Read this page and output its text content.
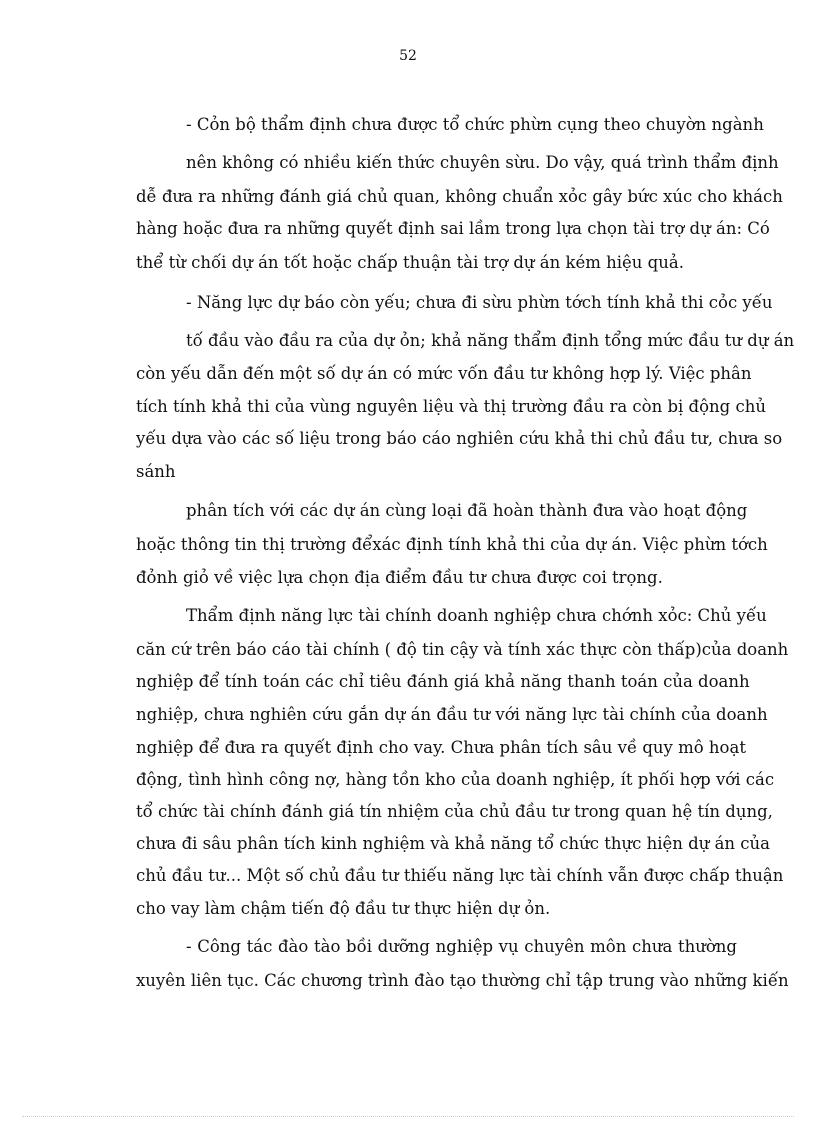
52
- Cỏn bộ thẩm định chưa được tổ chức phừn cụng theo chuyờn ngành
nên không có nhiều kiến thức chuyên sừu. Do vậy, quá trình thẩm định
dễ đưa ra những đánh giá chủ quan, không chuẩn xỏc gây bức xúc cho khách
hàng hoặc đưa ra những quyết định sai lầm trong lựa chọn tài trợ dự án: Có
thể từ chối dự án tốt hoặc chấp thuận tài trợ dự án kém hiệu quả.
- Năng lực dự báo còn yếu; chưa đi sừu phừn tớch tính khả thi cỏc yếu
tố đầu vào đầu ra của dự ỏn; khả năng thẩm định tổng mức đầu tư dự án
còn yếu dẫn đến một số dự án có mức vốn đầu tư không hợp lý. Việc phân
tích tính khả thi của vùng nguyên liệu và thị trường đầu ra còn bị động chủ
yếu dựa vào các số liệu trong báo cáo nghiên cứu khả thi chủ đầu tư, chưa so
sánh
phân tích với các dự án cùng loại đã hoàn thành đưa vào hoạt động
hoặc thông tin thị trường đểxác định tính khả thi của dự án. Việc phừn tớch
đỏnh giỏ về việc lựa chọn địa điểm đầu tư chưa được coi trọng.
Thẩm định năng lực tài chính doanh nghiệp chưa chớnh xỏc: Chủ yếu
căn cứ trên báo cáo tài chính ( độ tin cậy và tính xác thực còn thấp)của doanh
nghiệp để tính toán các chỉ tiêu đánh giá khả năng thanh toán của doanh
nghiệp, chưa nghiên cứu gắn dự án đầu tư với năng lực tài chính của doanh
nghiệp để đưa ra quyết định cho vay. Chưa phân tích sâu về quy mô hoạt
động, tình hình công nợ, hàng tồn kho của doanh nghiệp, ít phối hợp với các
tổ chức tài chính đánh giá tín nhiệm của chủ đầu tư trong quan hệ tín dụng,
chưa đi sâu phân tích kinh nghiệm và khả năng tổ chức thực hiện dự án của
chủ đầu tư... Một số chủ đầu tư thiếu năng lực tài chính vẫn được chấp thuận
cho vay làm chậm tiến độ đầu tư thực hiện dự ỏn.
- Công tác đào tào bồi dưỡng nghiệp vụ chuyên môn chưa thường
xuyên liên tục. Các chương trình đào tạo thường chỉ tập trung vào những kiến
